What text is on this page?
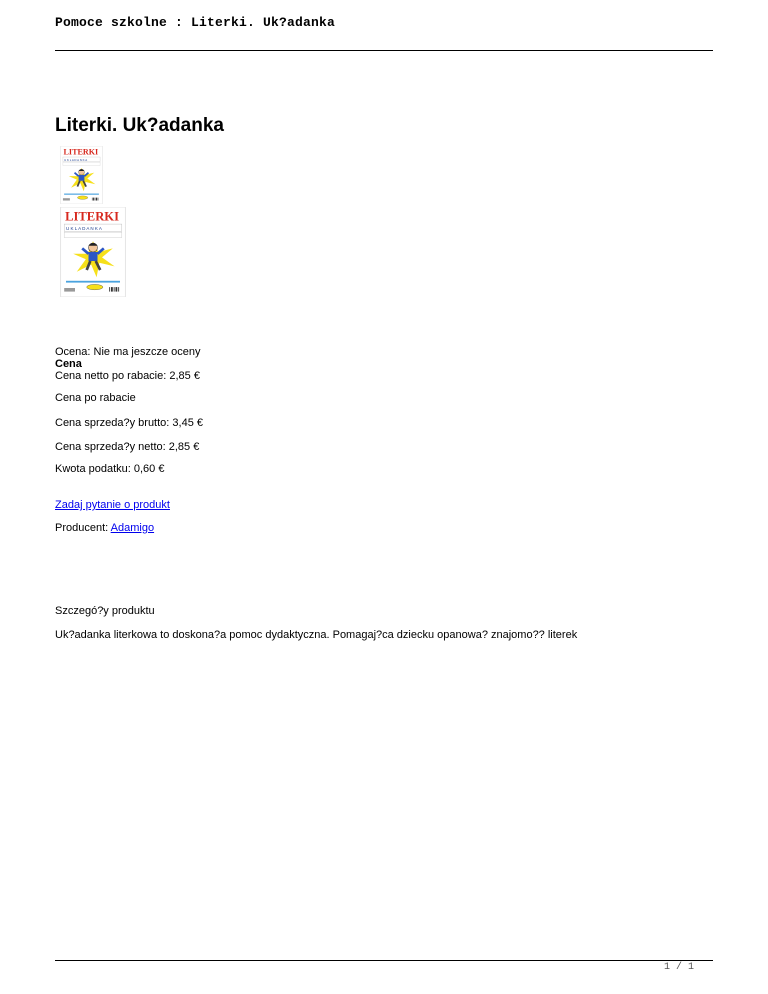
Pomoce szkolne : Literki. Uk?adanka
Literki. Uk?adanka
LITERKI
U K L A D A N K A
LITERKI
U K L A D A N K A
Ocena: Nie ma jeszcze oceny
Cena
Cena netto po rabacie: 2,85 €
Cena po rabacie
Cena sprzeda?y brutto: 3,45 €
Cena sprzeda?y netto: 2,85 €
Kwota podatku: 0,60 €
Zadaj pytanie o produkt
Producent: Adamigo
Szczegó?y produktu
Uk?adanka literkowa to doskona?a pomoc dydaktyczna. Pomagaj?ca dziecku opanowa? znajomo?? literek
1 / 1
